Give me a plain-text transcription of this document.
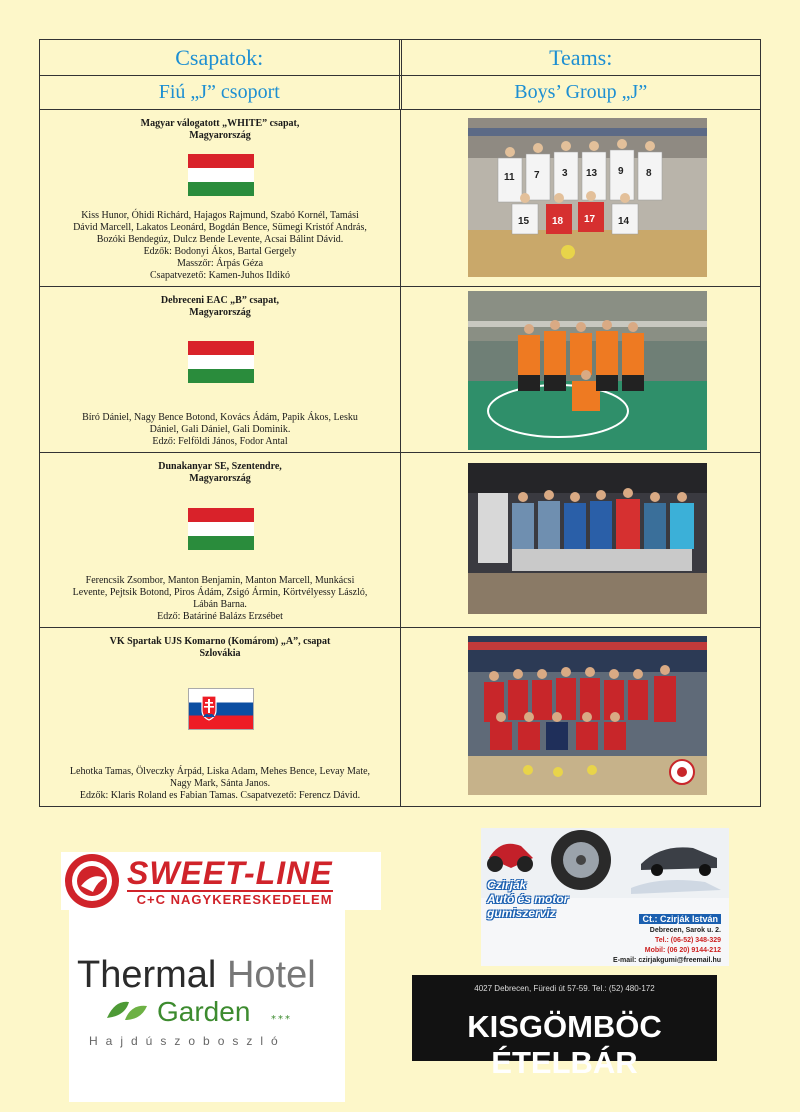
Csapatok:	Teams:
Fiú „J” csoport	Boys’ Group „J”
Magyar válogatott „WHITE” csapat,
Magyarország
Kiss Hunor, Óhidi Richárd, Hajagos Rajmund, Szabó Kornél, Tamási
Dávid Marcell, Lakatos Leonárd, Bogdán Bence, Sümegi Kristóf András,
Bozóki Bendegúz, Dulcz Bende Levente, Acsai Bálint Dávid.
Edzők: Bodonyi Ákos, Bartal Gergely
Masszőr: Árpás Géza
Csapatvezető: Kamen-Juhos Ildikó
11 7 3 13 9 8
15	14
18 17
Debreceni EAC „B” csapat,
Magyarország
Bíró Dániel, Nagy Bence Botond, Kovács Ádám, Papik Ákos, Lesku
Dániel, Gali Dániel, Gali Dominik.
Edző: Felföldi János, Fodor Antal
Dunakanyar SE, Szentendre,
Magyarország
Ferencsik Zsombor, Manton Benjamin, Manton Marcell, Munkácsi
Levente, Pejtsik Botond, Piros Ádám, Zsigó Ármin, Körtvélyessy László,
Lábán Barna.
Edző: Batáriné Balázs Erzsébet
VK Spartak UJS Komarno (Komárom) „A”, csapat
Szlovákia
Lehotka Tamas, Ölveczky Árpád, Liska Adam, Mehes Bence, Levay Mate,
Nagy Mark, Sánta Janos.
Edzők: Klaris Roland es Fabian Tamas. Csapatvezető: Ferencz Dávid.
SWEET-LINE
C+C NAGYKERESKEDELEM
Thermal Hotel
Garden ***
Hajdúszoboszló
Czirják
Autó és motor
gumiszerviz	Ct.: Czirják István
Debrecen, Sarok u. 2.
Tel.: (06-52) 348-329
Mobil: (06 20) 9144-212
E-mail: czirjakgumi@freemail.hu
4027 Debrecen, Füredi út 57-59. Tel.: (52) 480-172
KISGÖMBÖC ÉTELBÁR
